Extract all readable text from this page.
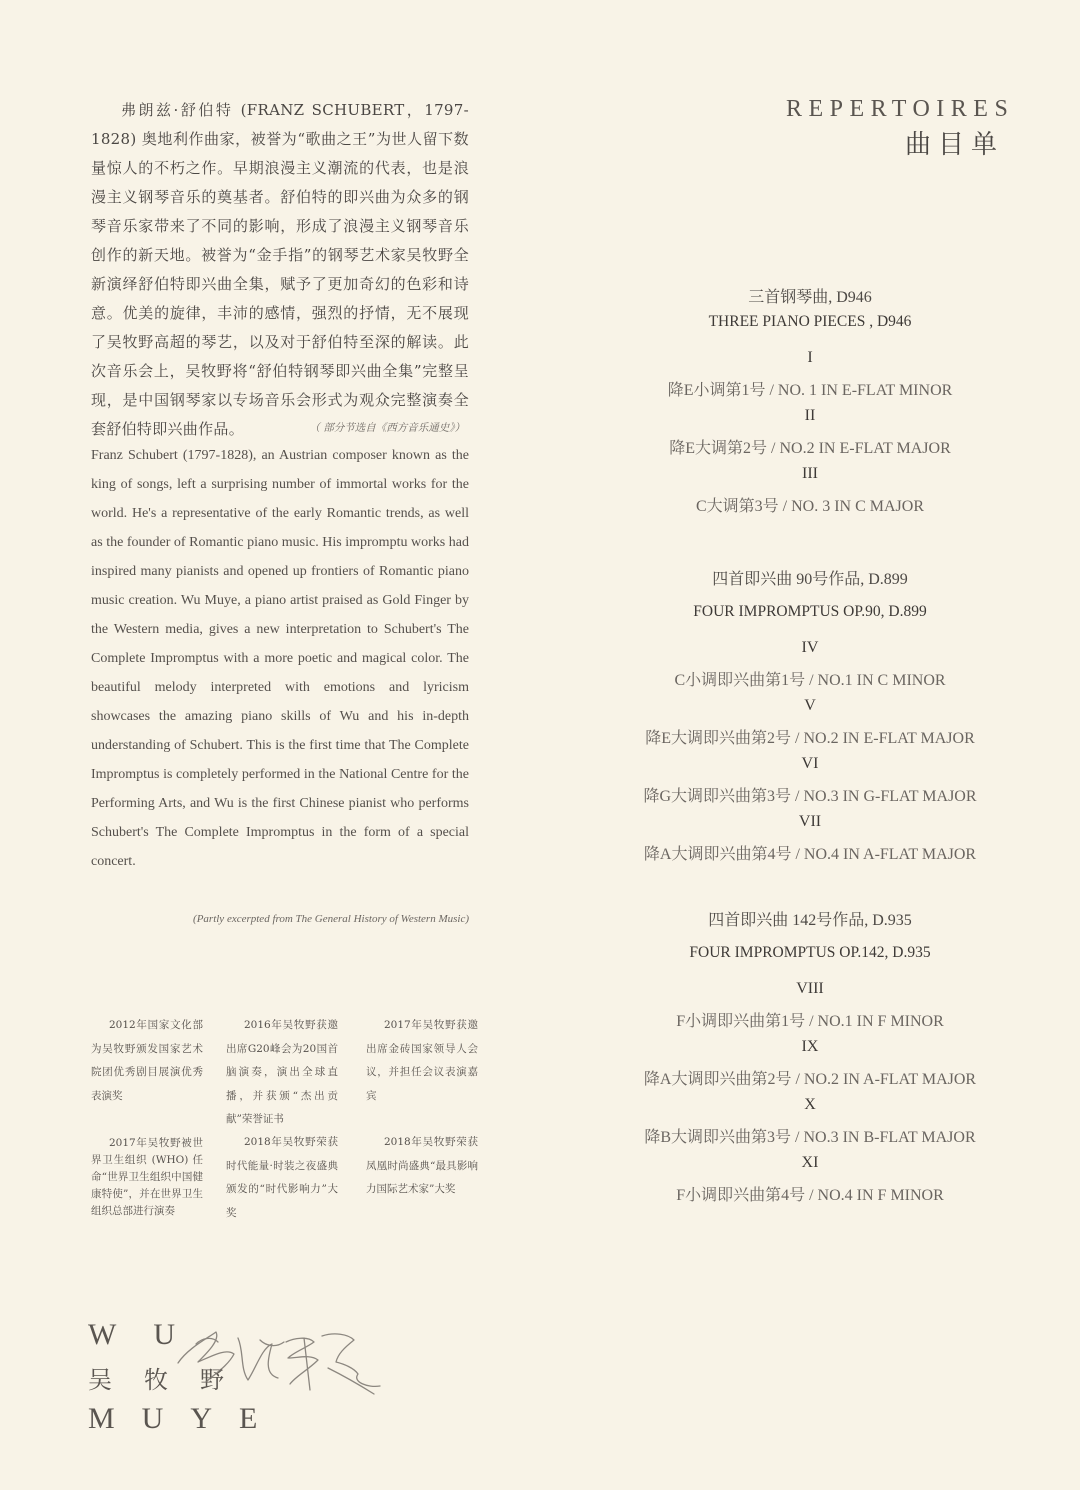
弗朗兹·舒伯特 (FRANZ SCHUBERT，1797-1828) 奥地利作曲家，被誉为“歌曲之王”为世人留下数量惊人的不朽之作。早期浪漫主义潮流的代表，也是浪漫主义钢琴音乐的奠基者。舒伯特的即兴曲为众多的钢琴音乐家带来了不同的影响，形成了浪漫主义钢琴音乐创作的新天地。被誉为“金手指”的钢琴艺术家吴牧野全新演绎舒伯特即兴曲全集，赋予了更加奇幻的色彩和诗意。优美的旋律，丰沛的感情，强烈的抒情，无不展现了吴牧野高超的琴艺，以及对于舒伯特至深的解读。此次音乐会上，吴牧野将“舒伯特钢琴即兴曲全集”完整呈现，是中国钢琴家以专场音乐会形式为观众完整演奏全套舒伯特即兴曲作品。	（ 部分节选自《西方音乐通史》）

Franz Schubert (1797-1828), an Austrian composer known as the king of songs, left a surprising number of immortal works for the world. He's a representative of the early Romantic trends, as well as the founder of Romantic piano music. His impromptu works had inspired many pianists and opened up frontiers of Romantic piano music creation. Wu Muye, a piano artist praised as Gold Finger by the Western media, gives a new interpretation to Schubert's The Complete Impromptus with a more poetic and magical color. The beautiful melody interpreted with emotions and lyricism showcases the amazing piano skills of Wu and his in-depth understanding of Schubert. This is the first time that The Complete Impromptus is completely performed in the National Centre for the Performing Arts, and Wu is the first Chinese pianist who performs Schubert's The Complete Impromptus in the form of a special concert.

(Partly excerpted from The General History of Western Music)

2012年国家文化部为吴牧野颁发国家艺术院团优秀剧目展演优秀表演奖

2016年吴牧野获邀出席G20峰会为20国首脑演奏，演出全球直播，并获颁“杰出贡献”荣誉证书

2017年吴牧野获邀出席金砖国家领导人会议，并担任会议表演嘉宾

2017年吴牧野被世界卫生组织 (WHO) 任命“世界卫生组织中国健康特使”，并在世界卫生组织总部进行演奏

2018年吴牧野荣获时代能量·时装之夜盛典颁发的“时代影响力”大奖

2018年吴牧野荣获凤凰时尚盛典“最具影响力国际艺术家”大奖

WU
吴牧野
MUYE
REPERTOIRES
曲目单
三首钢琴曲, D946
THREE PIANO PIECES , D946
I
降E小调第1号 / NO. 1 IN E-FLAT MINOR
II
降E大调第2号 / NO.2 IN E-FLAT MAJOR
III
C大调第3号 / NO. 3 IN C MAJOR
四首即兴曲 90号作品, D.899
FOUR IMPROMPTUS OP.90, D.899
IV
C小调即兴曲第1号 / NO.1 IN C MINOR
V
降E大调即兴曲第2号 / NO.2 IN E-FLAT MAJOR
VI
降G大调即兴曲第3号 / NO.3 IN G-FLAT MAJOR
VII
降A大调即兴曲第4号 / NO.4 IN A-FLAT MAJOR
四首即兴曲 142号作品, D.935
FOUR IMPROMPTUS OP.142, D.935
VIII
F小调即兴曲第1号 / NO.1 IN F MINOR
IX
降A大调即兴曲第2号 / NO.2 IN A-FLAT MAJOR
X
降B大调即兴曲第3号 / NO.3 IN B-FLAT MAJOR
XI
F小调即兴曲第4号 / NO.4 IN F MINOR
